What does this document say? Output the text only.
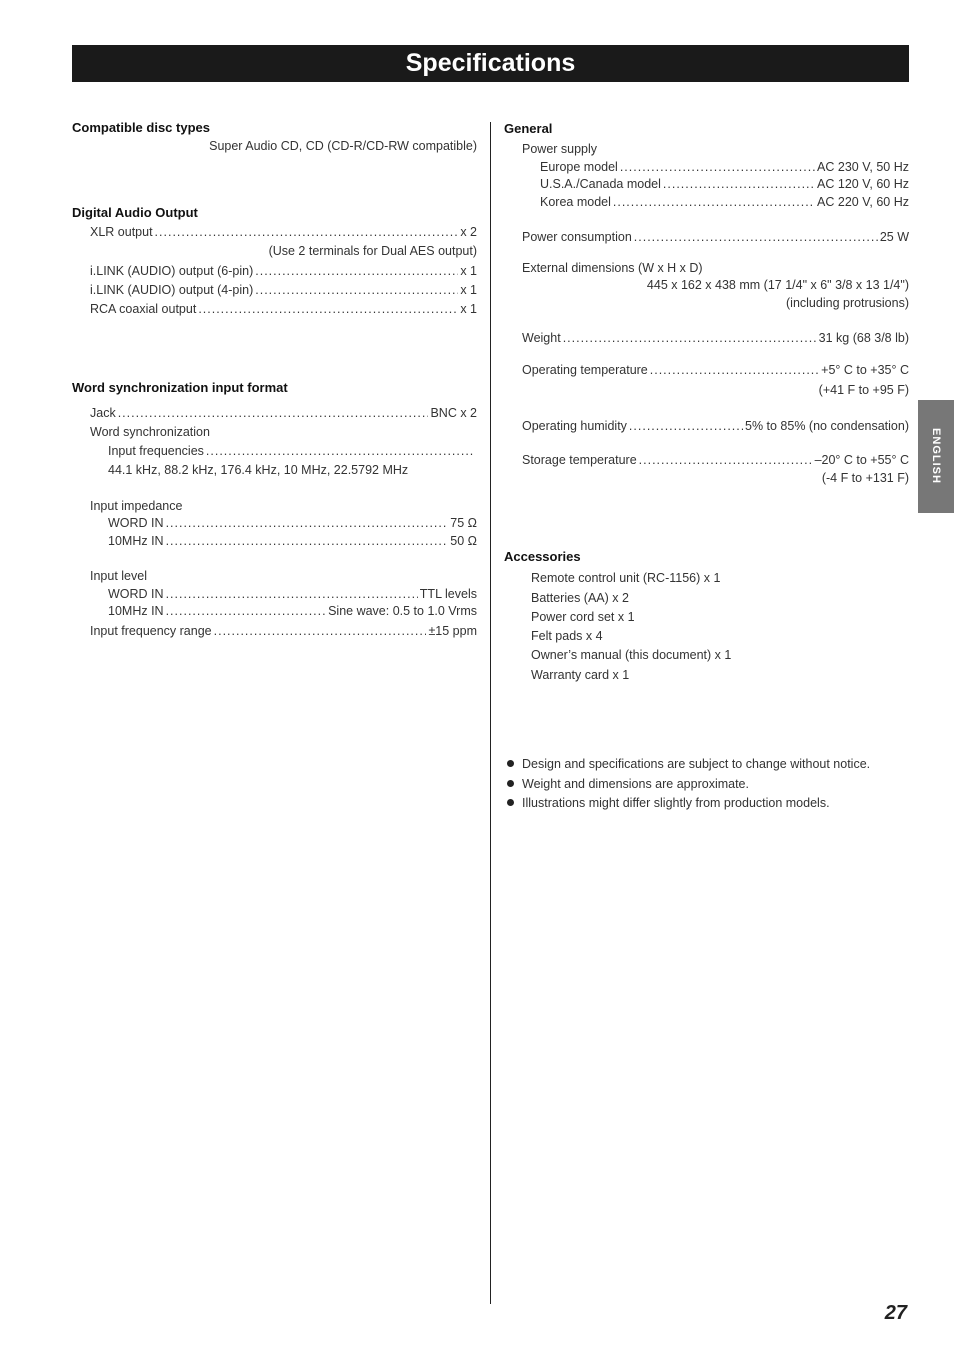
Specifications
ENGLISH
Compatible disc types
Super Audio CD, CD (CD-R/CD-RW compatible)
Digital Audio Output
XLR output .....	x 2
(Use 2 terminals for Dual AES output)
i.LINK (AUDIO) output (6-pin) .....	x 1
i.LINK (AUDIO) output (4-pin) .....	x 1
RCA coaxial output .....	x 1
Word synchronization input format
Jack .....	BNC x 2
Word synchronization
Input frequencies
.....
44.1 kHz, 88.2 kHz, 176.4 kHz, 10 MHz, 22.5792 MHz
Input impedance
WORD IN .....	75 Ω
10MHz IN .....	50 Ω
Input level
WORD IN .....	TTL levels
10MHz IN .....	Sine wave: 0.5 to 1.0 Vrms
Input frequency range .....	±15 ppm
General
Power supply
Europe model .....	AC 230 V, 50 Hz
U.S.A./Canada model .....	AC 120 V, 60 Hz
Korea model .....	AC 220 V, 60 Hz
Power consumption .....	25 W
External dimensions (W x H x D)
445 x 162 x 438 mm (17 1/4" x 6" 3/8 x 13 1/4")
(including protrusions)
Weight .....	31 kg (68 3/8 lb)
Operating temperature .....	+5° C to +35° C
(+41 F to +95 F)
Operating humidity .....	5% to 85% (no condensation)
Storage temperature .....	–20° C to +55° C
(-4 F to +131 F)
Accessories
Remote control unit (RC-1156) x 1
Batteries (AA) x 2
Power cord set x 1
Felt pads x 4
Owner’s manual (this document) x 1
Warranty card x 1
Design and specifications are subject to change without notice.
Weight and dimensions are approximate.
Illustrations might differ slightly from production models.
27
